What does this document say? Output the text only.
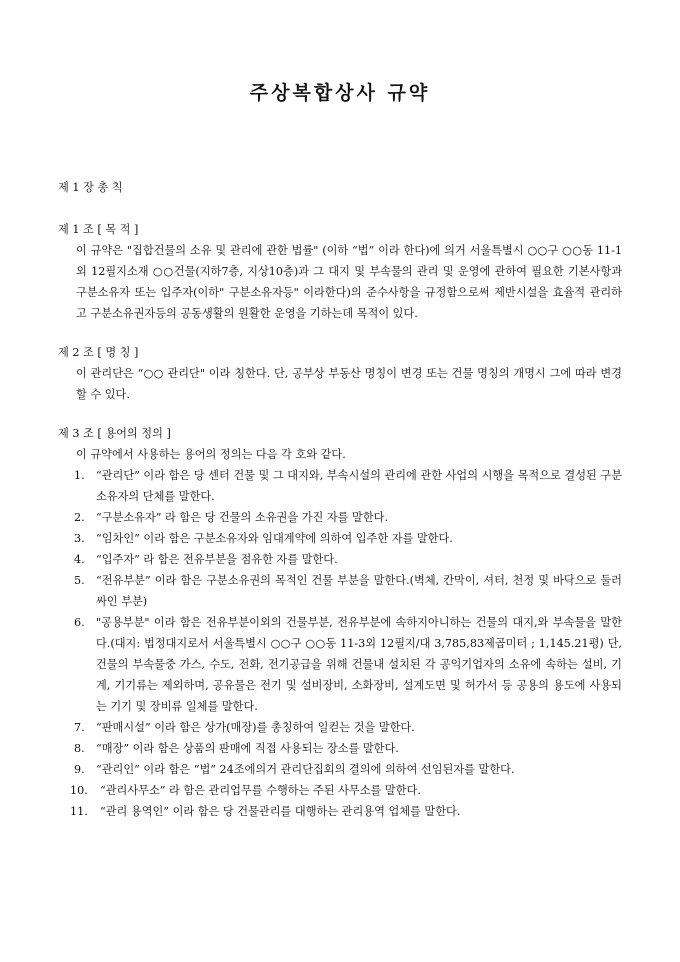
주상복합상사 규약
제 1 장 총 칙
제 1 조 [ 목 적 ]
이 규약은 "집합건물의 소유 및 관리에 관한 법률" (이하 “법” 이라 한다)에 의거 서울특별시 ○○구 ○○동 11-1외 12필지소재 ○○건물(지하7층, 지상10층)과 그 대지 및 부속물의 관리 및 운영에 관하여 필요한 기본사항과 구분소유자 또는 입주자(이하" 구분소유자등" 이라한다)의 준수사항을 규정함으로써 제반시설을 효율적 관리하고 구분소유권자등의 공동생활의 원활한 운영을 기하는데 목적이 있다.
제 2 조 [ 명 칭 ]
이 관리단은 “○○ 관리단" 이라 칭한다. 단, 공부상 부동산 명칭이 변경 또는 건물 명칭의 개명시 그에 따라 변경할 수 있다.
제 3 조 [ 용어의 정의 ]
이 규약에서 사용하는 용어의 정의는 다음 각 호와 같다.
1. “관리단” 이라 함은 당 센터 건물 및 그 대지와, 부속시설의 관리에 관한 사업의 시행을 목적으로 결성된 구분소유자의 단체를 말한다.
2. “구분소유자” 라 함은 당 건물의 소유권을 가진 자를 말한다.
3. “임차인” 이라 함은 구분소유자와 임대계약에 의하여 입주한 자를 말한다.
4. “입주자” 라 함은 전유부분을 점유한 자를 말한다.
5. “전유부분” 이라 함은 구분소유권의 목적인 건물 부분을 말한다.(벽체, 칸막이, 셔터, 천정 및 바닥으로 둘러싸인 부분)
6. "공용부분" 이라 함은 전유부분이외의 건물부분, 전유부분에 속하지아니하는 건물의 대지,와 부속물을 말한다.(대지: 법정대지로서 서울특별시 ○○구 ○○동 11-3외 12필지/대 3,785,83제곱미터 ; 1,145.21평) 단, 건물의 부속물중 가스, 수도, 전화, 전기공급을 위해 건물내 설치된 각 공익기업자의 소유에 속하는 설비, 기계, 기기류는 제외하며, 공유물은 전기 및 설비장비, 소화장비, 설계도면 및 허가서 등 공용의 용도에 사용되는 기기 및 장비류 일체를 말한다.
7. “판매시설” 이라 함은 상가(매장)를 총칭하여 일컫는 것을 말한다.
8. “매장” 이라 함은 상품의 판매에 직접 사용되는 장소를 말한다.
9. “관리인” 이라 함은 “법” 24조에의거 관리단집회의 결의에 의하여 선임된자를 말한다.
10. “관리사무소” 라 함은 관리업무를 수행하는 주된 사무소를 말한다.
11. “관리 용역인” 이라 함은 당 건물관리를 대행하는 관리용역 업체를 말한다.
